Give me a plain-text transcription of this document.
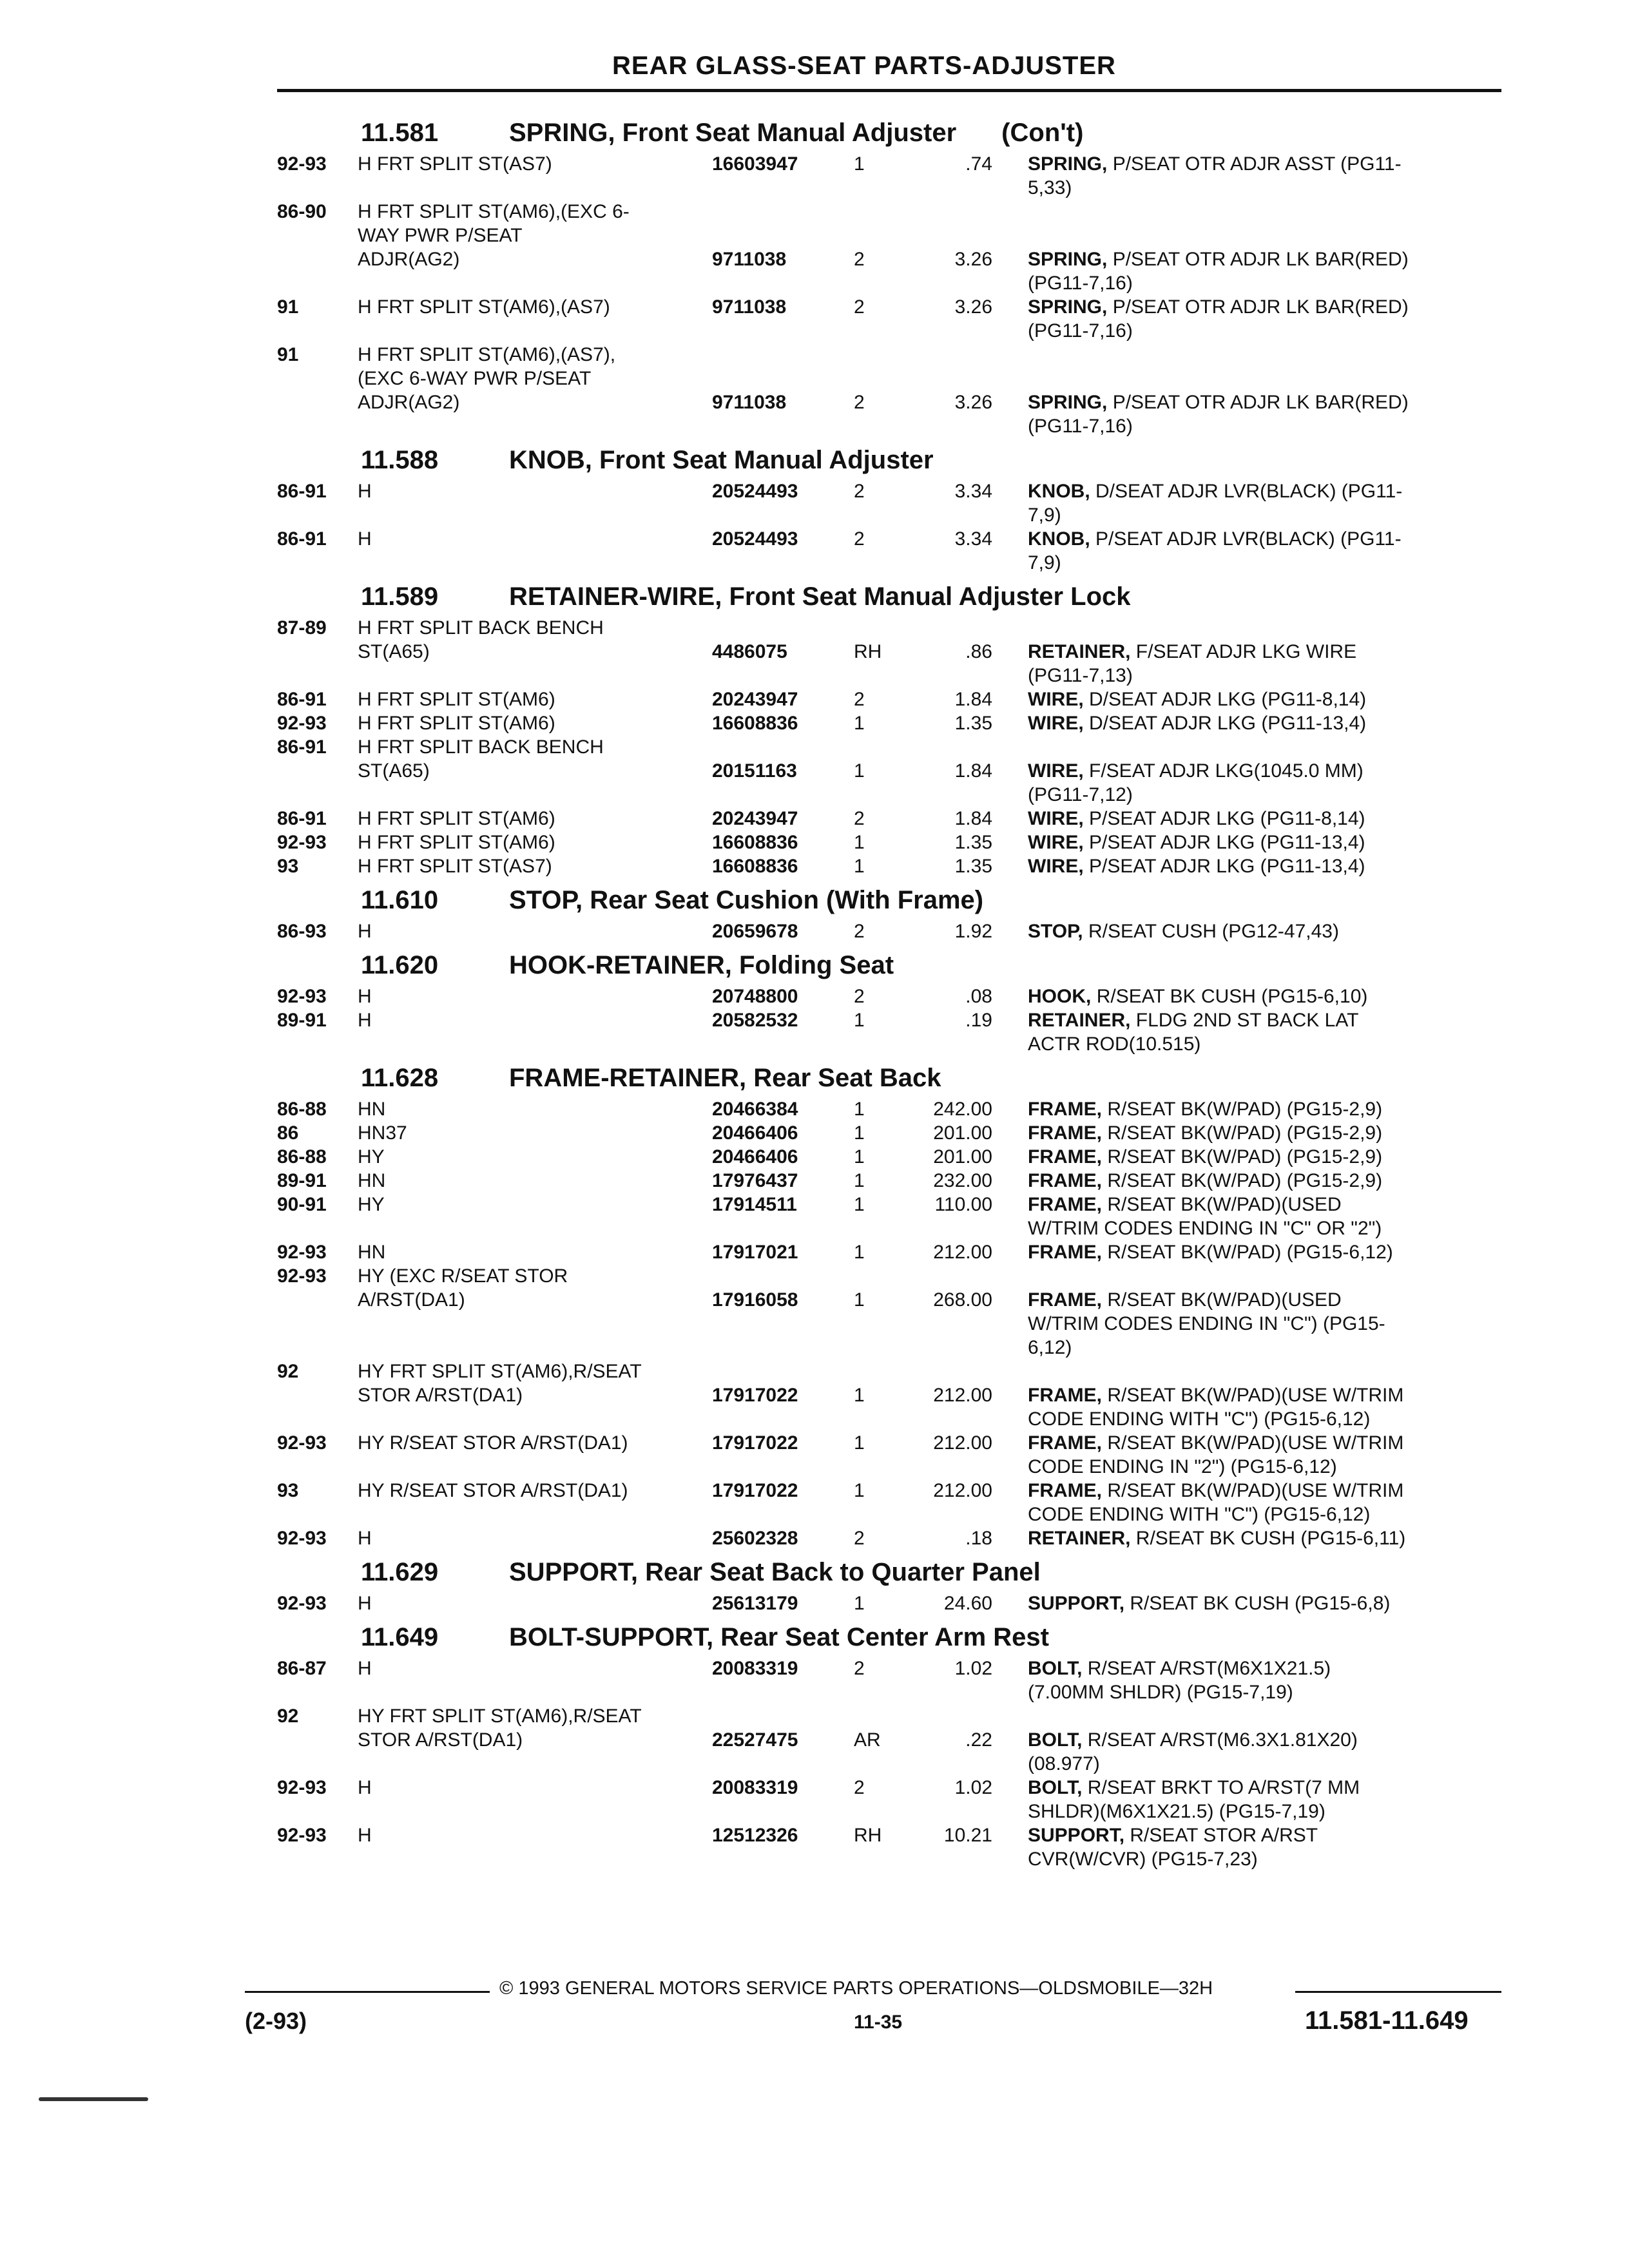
REAR GLASS-SEAT PARTS-ADJUSTER
11.581	SPRING, Front Seat Manual Adjuster (Con't)
92-93 H FRT SPLIT ST(AS7)	16603947	1	.74 SPRING, P/SEAT OTR ADJR ASST (PG11-
5,33)
86-90 H FRT SPLIT ST(AM6),(EXC 6-
WAY PWR P/SEAT
ADJR(AG2)	9711038	2	3.26 SPRING, P/SEAT OTR ADJR LK BAR(RED)
(PG11-7,16)
91	H FRT SPLIT ST(AM6),(AS7)	9711038	2	3.26 SPRING, P/SEAT OTR ADJR LK BAR(RED)
(PG11-7,16)
91	H FRT SPLIT ST(AM6),(AS7),
(EXC 6-WAY PWR P/SEAT
ADJR(AG2)	9711038	2	3.26 SPRING, P/SEAT OTR ADJR LK BAR(RED)
(PG11-7,16)
11.588	KNOB, Front Seat Manual Adjuster
86-91 H	20524493	2	3.34 KNOB, D/SEAT ADJR LVR(BLACK) (PG11-
7,9)
86-91 H	20524493	2	3.34 KNOB, P/SEAT ADJR LVR(BLACK) (PG11-
7,9)
11.589	RETAINER-WIRE, Front Seat Manual Adjuster Lock
87-89 H FRT SPLIT BACK BENCH
ST(A65)	4486075	RH	.86 RETAINER, F/SEAT ADJR LKG WIRE
(PG11-7,13)
86-91 H FRT SPLIT ST(AM6)	20243947	2	1.84 WIRE, D/SEAT ADJR LKG (PG11-8,14)
92-93 H FRT SPLIT ST(AM6)	16608836	1	1.35 WIRE, D/SEAT ADJR LKG (PG11-13,4)
86-91 H FRT SPLIT BACK BENCH
ST(A65)	20151163	1	1.84 WIRE, F/SEAT ADJR LKG(1045.0 MM)
(PG11-7,12)
86-91 H FRT SPLIT ST(AM6)	20243947	2	1.84 WIRE, P/SEAT ADJR LKG (PG11-8,14)
92-93 H FRT SPLIT ST(AM6)	16608836	1	1.35 WIRE, P/SEAT ADJR LKG (PG11-13,4)
93	H FRT SPLIT ST(AS7)	16608836	1	1.35 WIRE, P/SEAT ADJR LKG (PG11-13,4)
11.610	STOP, Rear Seat Cushion (With Frame)
86-93 H	20659678	2	1.92 STOP, R/SEAT CUSH (PG12-47,43)
11.620	HOOK-RETAINER, Folding Seat
92-93 H	20748800	2	.08 HOOK, R/SEAT BK CUSH (PG15-6,10)
89-91 H	20582532	1	.19 RETAINER, FLDG 2ND ST BACK LAT
ACTR ROD(10.515)
11.628	FRAME-RETAINER, Rear Seat Back
86-88 HN	20466384	1	242.00 FRAME, R/SEAT BK(W/PAD) (PG15-2,9)
86	HN37	20466406	1	201.00 FRAME, R/SEAT BK(W/PAD) (PG15-2,9)
86-88 HY	20466406	1	201.00 FRAME, R/SEAT BK(W/PAD) (PG15-2,9)
89-91 HN	17976437	1	232.00 FRAME, R/SEAT BK(W/PAD) (PG15-2,9)
90-91 HY	17914511	1	110.00 FRAME, R/SEAT BK(W/PAD)(USED
W/TRIM CODES ENDING IN "C" OR "2")
92-93 HN	17917021	1	212.00 FRAME, R/SEAT BK(W/PAD) (PG15-6,12)
92-93 HY (EXC R/SEAT STOR
A/RST(DA1)	17916058	1	268.00 FRAME, R/SEAT BK(W/PAD)(USED
W/TRIM CODES ENDING IN "C") (PG15-
6,12)
92	HY FRT SPLIT ST(AM6),R/SEAT
STOR A/RST(DA1)	17917022	1	212.00 FRAME, R/SEAT BK(W/PAD)(USE W/TRIM
CODE ENDING WITH "C") (PG15-6,12)
92-93 HY R/SEAT STOR A/RST(DA1)	17917022	1	212.00 FRAME, R/SEAT BK(W/PAD)(USE W/TRIM
CODE ENDING IN "2") (PG15-6,12)
93	HY R/SEAT STOR A/RST(DA1)	17917022	1	212.00 FRAME, R/SEAT BK(W/PAD)(USE W/TRIM
CODE ENDING WITH "C") (PG15-6,12)
92-93 H	25602328	2	.18 RETAINER, R/SEAT BK CUSH (PG15-6,11)
11.629	SUPPORT, Rear Seat Back to Quarter Panel
92-93 H	25613179	1	24.60 SUPPORT, R/SEAT BK CUSH (PG15-6,8)
11.649	BOLT-SUPPORT, Rear Seat Center Arm Rest
86-87 H	20083319	2	1.02 BOLT, R/SEAT A/RST(M6X1X21.5)
(7.00MM SHLDR) (PG15-7,19)
92	HY FRT SPLIT ST(AM6),R/SEAT
STOR A/RST(DA1)	22527475	AR	.22 BOLT, R/SEAT A/RST(M6.3X1.81X20)
(08.977)
92-93 H	20083319	2	1.02 BOLT, R/SEAT BRKT TO A/RST(7 MM
SHLDR)(M6X1X21.5) (PG15-7,19)
92-93 H	12512326	RH	10.21 SUPPORT, R/SEAT STOR A/RST
CVR(W/CVR) (PG15-7,23)
© 1993 GENERAL MOTORS SERVICE PARTS OPERATIONS—OLDSMOBILE—32H
(2-93)	11-35	11.581-11.649
